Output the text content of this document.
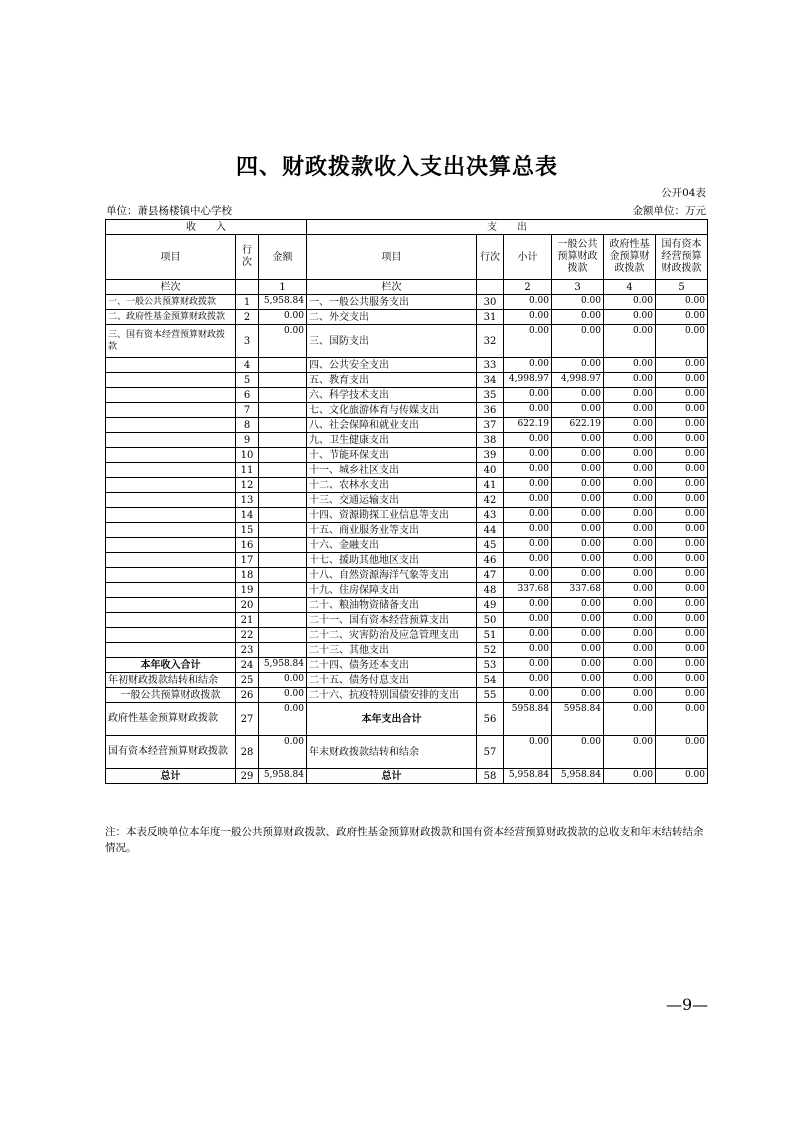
四、财政拨款收入支出决算总表
公开04表
单位：萧县杨楼镇中心学校	金额单位：万元
收　　入			支　　出					
项目	行次	金额	项目	行次	小计	一般公共预算财政拨款	政府性基金预算财政拨款	国有资本经营预算财政拨款
栏次		1	栏次		2	3	4	5
一、一般公共预算财政拨款	1	5,958.84	一、一般公共服务支出	30	0.00	0.00	0.00	0.00
二、政府性基金预算财政拨款	2	0.00	二、外交支出	31	0.00	0.00	0.00	0.00
三、国有资本经营预算财政拨款	3	0.00	三、国防支出	32	0.00	0.00	0.00	0.00
	4		四、公共安全支出	33	0.00	0.00	0.00	0.00
	5		五、教育支出	34	4,998.97	4,998.97	0.00	0.00
	6		六、科学技术支出	35	0.00	0.00	0.00	0.00
	7		七、文化旅游体育与传媒支出	36	0.00	0.00	0.00	0.00
	8		八、社会保障和就业支出	37	622.19	622.19	0.00	0.00
	9		九、卫生健康支出	38	0.00	0.00	0.00	0.00
	10		十、节能环保支出	39	0.00	0.00	0.00	0.00
	11		十一、城乡社区支出	40	0.00	0.00	0.00	0.00
	12		十二、农林水支出	41	0.00	0.00	0.00	0.00
	13		十三、交通运输支出	42	0.00	0.00	0.00	0.00
	14		十四、资源勘探工业信息等支出	43	0.00	0.00	0.00	0.00
	15		十五、商业服务业等支出	44	0.00	0.00	0.00	0.00
	16		十六、金融支出	45	0.00	0.00	0.00	0.00
	17		十七、援助其他地区支出	46	0.00	0.00	0.00	0.00
	18		十八、自然资源海洋气象等支出	47	0.00	0.00	0.00	0.00
	19		十九、住房保障支出	48	337.68	337.68	0.00	0.00
	20		二十、粮油物资储备支出	49	0.00	0.00	0.00	0.00
	21		二十一、国有资本经营预算支出	50	0.00	0.00	0.00	0.00
	22		二十二、灾害防治及应急管理支出	51	0.00	0.00	0.00	0.00
	23		二十三、其他支出	52	0.00	0.00	0.00	0.00
本年收入合计	24	5,958.84	二十四、债务还本支出	53	0.00	0.00	0.00	0.00
年初财政拨款结转和结余	25	0.00	二十五、债务付息支出	54	0.00	0.00	0.00	0.00
一般公共预算财政拨款	26	0.00	二十六、抗疫特别国债安排的支出	55	0.00	0.00	0.00	0.00
政府性基金预算财政拨款	27	0.00	本年支出合计	56	5958.84	5958.84	0.00	0.00
国有资本经营预算财政拨款	28	0.00	年末财政拨款结转和结余	57	0.00	0.00	0.00	0.00
总计	29	5,958.84	总计	58	5,958.84	5,958.84	0.00	0.00
注：本表反映单位本年度一般公共预算财政拨款、政府性基金预算财政拨款和国有资本经营预算财政拨款的总收支和年末结转结余情况。
—9—
